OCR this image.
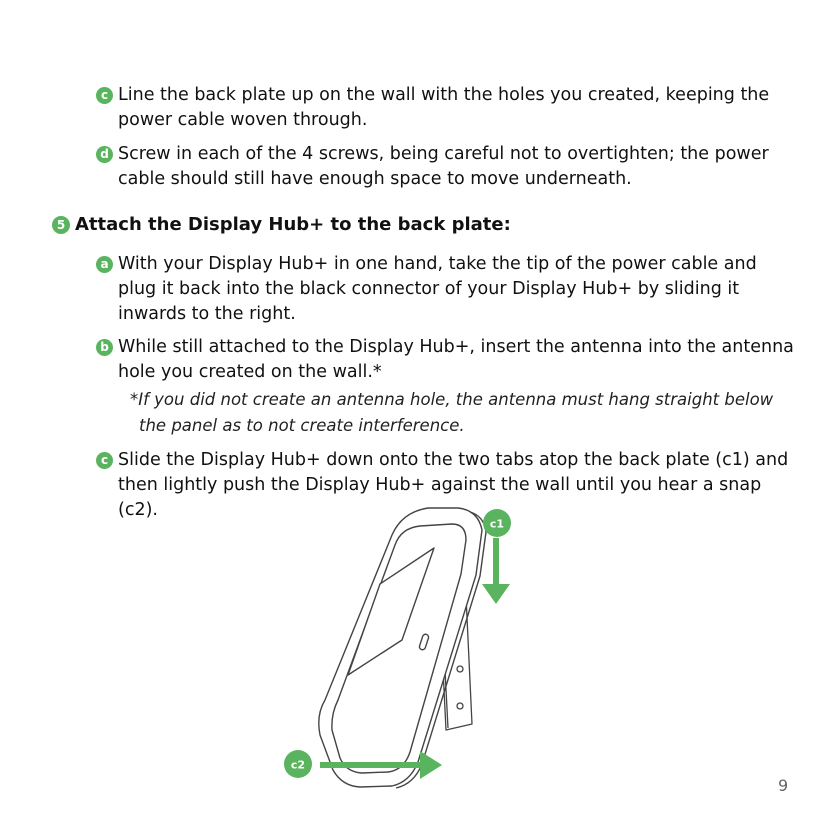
c Line the back plate up on the wall with the holes you created, keeping the power cable woven through.
d Screw in each of the 4 screws, being careful not to overtighten; the power cable should still have enough space to move underneath.
5 Attach the Display Hub+ to the back plate:
a With your Display Hub+ in one hand, take the tip of the power cable and plug it back into the black connector of your Display Hub+ by sliding it inwards to the right.
b While still attached to the Display Hub+, insert the antenna into the antenna hole you created on the wall.*
*If you did not create an antenna hole, the antenna must hang straight below
the panel as to not create interference.
c Slide the Display Hub+ down onto the two tabs atop the back plate (c1) and then lightly push the Display Hub+ against the wall until you hear a snap (c2).
c1
c2
9
